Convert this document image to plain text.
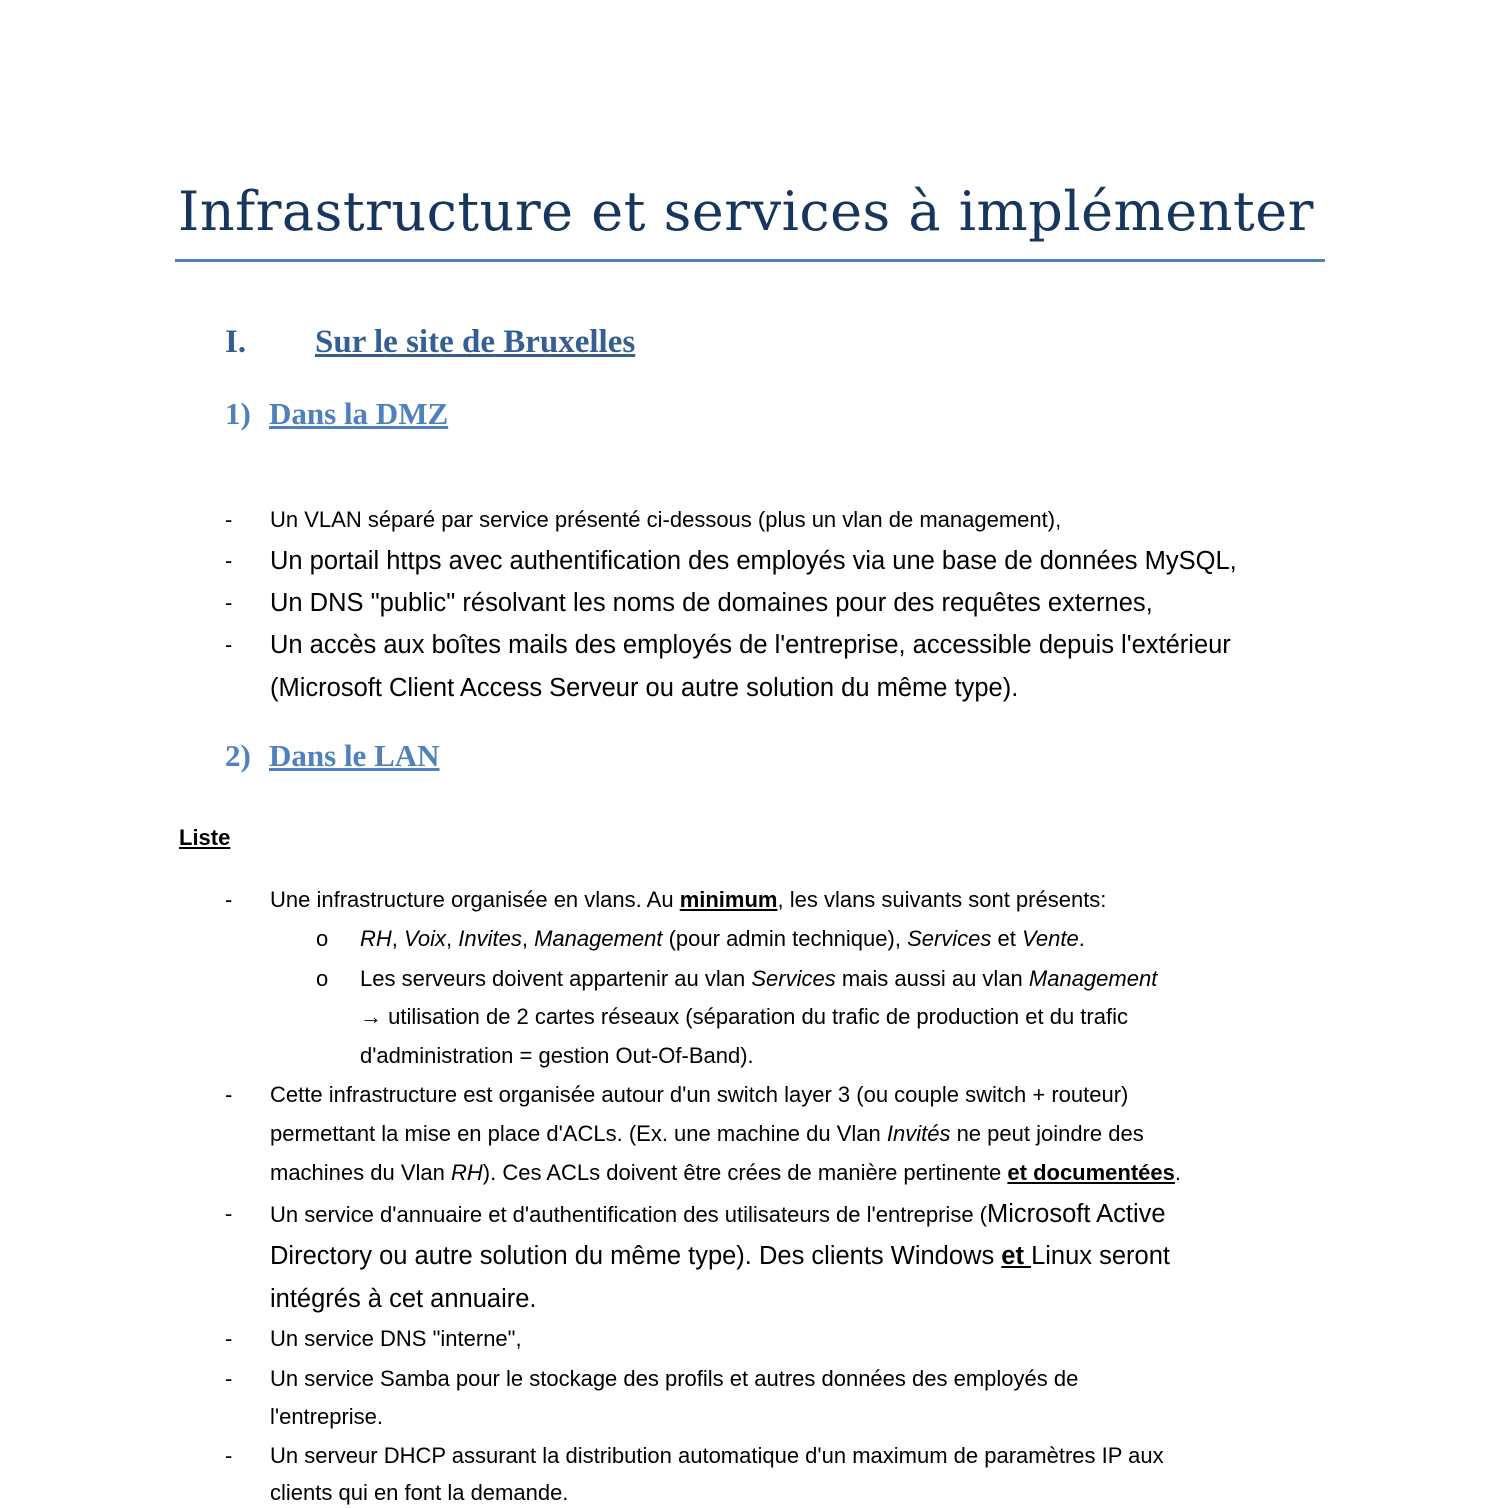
Infrastructure et services à implémenter
I. Sur le site de Bruxelles
1) Dans la DMZ
2) Dans le LAN
Liste
- Un VLAN séparé par service présenté ci-dessous (plus un vlan de management),
- Un portail https avec authentification des employés via une base de données MySQL,
- Un DNS "public" résolvant les noms de domaines pour des requêtes externes,
- Un accès aux boîtes mails des employés de l'entreprise, accessible depuis l'extérieur
(Microsoft Client Access Serveur ou autre solution du même type).
- Une infrastructure organisée en vlans. Au minimum, les vlans suivants sont présents:
o RH, Voix, Invites, Management (pour admin technique), Services et Vente.
o Les serveurs doivent appartenir au vlan Services mais aussi au vlan Management
→ utilisation de 2 cartes réseaux (séparation du trafic de production et du trafic
d'administration = gestion Out-Of-Band).
- Cette infrastructure est organisée autour d'un switch layer 3 (ou couple switch + routeur)
permettant la mise en place d'ACLs. (Ex. une machine du Vlan Invités ne peut joindre des
machines du Vlan RH). Ces ACLs doivent être crées de manière pertinente et documentées.
- Un service d'annuaire et d'authentification des utilisateurs de l'entreprise (Microsoft Active
Directory ou autre solution du même type). Des clients Windows et Linux seront
intégrés à cet annuaire.
- Un service DNS "interne",
- Un service Samba pour le stockage des profils et autres données des employés de
l'entreprise.
- Un serveur DHCP assurant la distribution automatique d'un maximum de paramètres IP aux
clients qui en font la demande.
